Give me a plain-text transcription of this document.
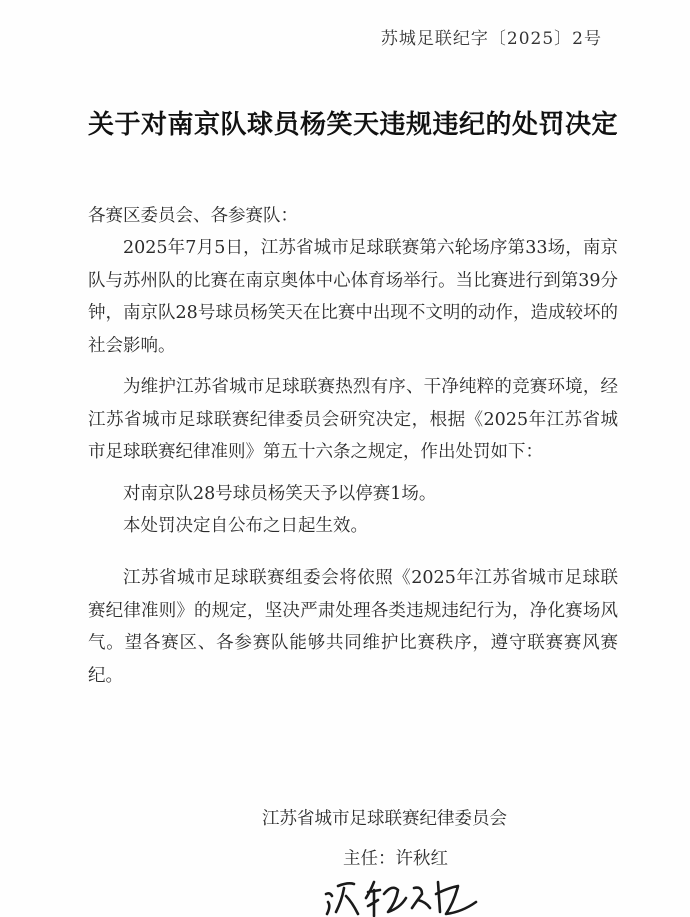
苏城足联纪字〔2025〕2号
关于对南京队球员杨笑天违规违纪的处罚决定

各赛区委员会、各参赛队：

2025年7月5日，江苏省城市足球联赛第六轮场序第33场，南京队与苏州队的比赛在南京奥体中心体育场举行。当比赛进行到第39分钟，南京队28号球员杨笑天在比赛中出现不文明的动作，造成较坏的社会影响。

为维护江苏省城市足球联赛热烈有序、干净纯粹的竞赛环境，经江苏省城市足球联赛纪律委员会研究决定，根据《2025年江苏省城市足球联赛纪律准则》第五十六条之规定，作出处罚如下：

对南京队28号球员杨笑天予以停赛1场。

本处罚决定自公布之日起生效。

江苏省城市足球联赛组委会将依照《2025年江苏省城市足球联赛纪律准则》的规定，坚决严肃处理各类违规违纪行为，净化赛场风气。望各赛区、各参赛队能够共同维护比赛秩序，遵守联赛赛风赛纪。

江苏省城市足球联赛纪律委员会
主任：许秋红
